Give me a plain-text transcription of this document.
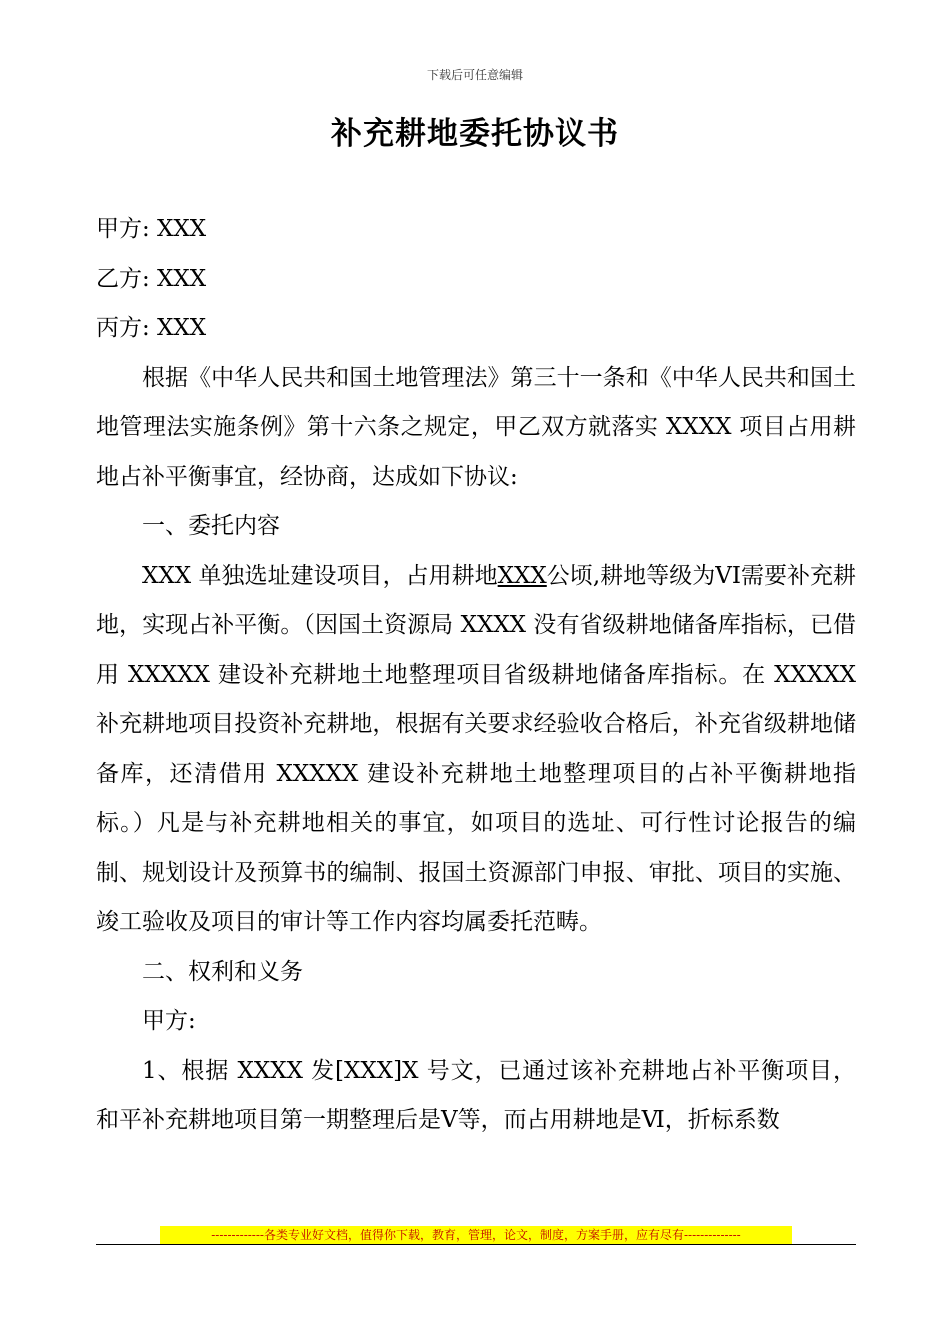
下载后可任意编辑
补充耕地委托协议书

甲方: XXX

乙方: XXX

丙方: XXX

根据《中华人民共和国土地管理法》第三十一条和《中华人民共和国土地管理法实施条例》第十六条之规定，甲乙双方就落实 XXXX 项目占用耕地占补平衡事宜，经协商，达成如下协议:

一、委托内容

XXX 单独选址建设项目，占用耕地XXX公顷,耕地等级为VI需要补充耕地，实现占补平衡。（因国土资源局 XXXX 没有省级耕地储备库指标，已借用 XXXXX 建设补充耕地土地整理项目省级耕地储备库指标。在 XXXXX 补充耕地项目投资补充耕地，根据有关要求经验收合格后，补充省级耕地储备库，还清借用 XXXXX 建设补充耕地土地整理项目的占补平衡耕地指标。）凡是与补充耕地相关的事宜，如项目的选址、可行性讨论报告的编制、规划设计及预算书的编制、报国土资源部门申报、审批、项目的实施、竣工验收及项目的审计等工作内容均属委托范畴。

二、权利和义务

甲方:

1、根据 XXXX 发[XXX]X 号文，已通过该补充耕地占补平衡项目，和平补充耕地项目第一期整理后是Ⅴ等，而占用耕地是Ⅵ，折标系数

-------------各类专业好文档，值得你下载，教育，管理，论文，制度，方案手册，应有尽有--------------
